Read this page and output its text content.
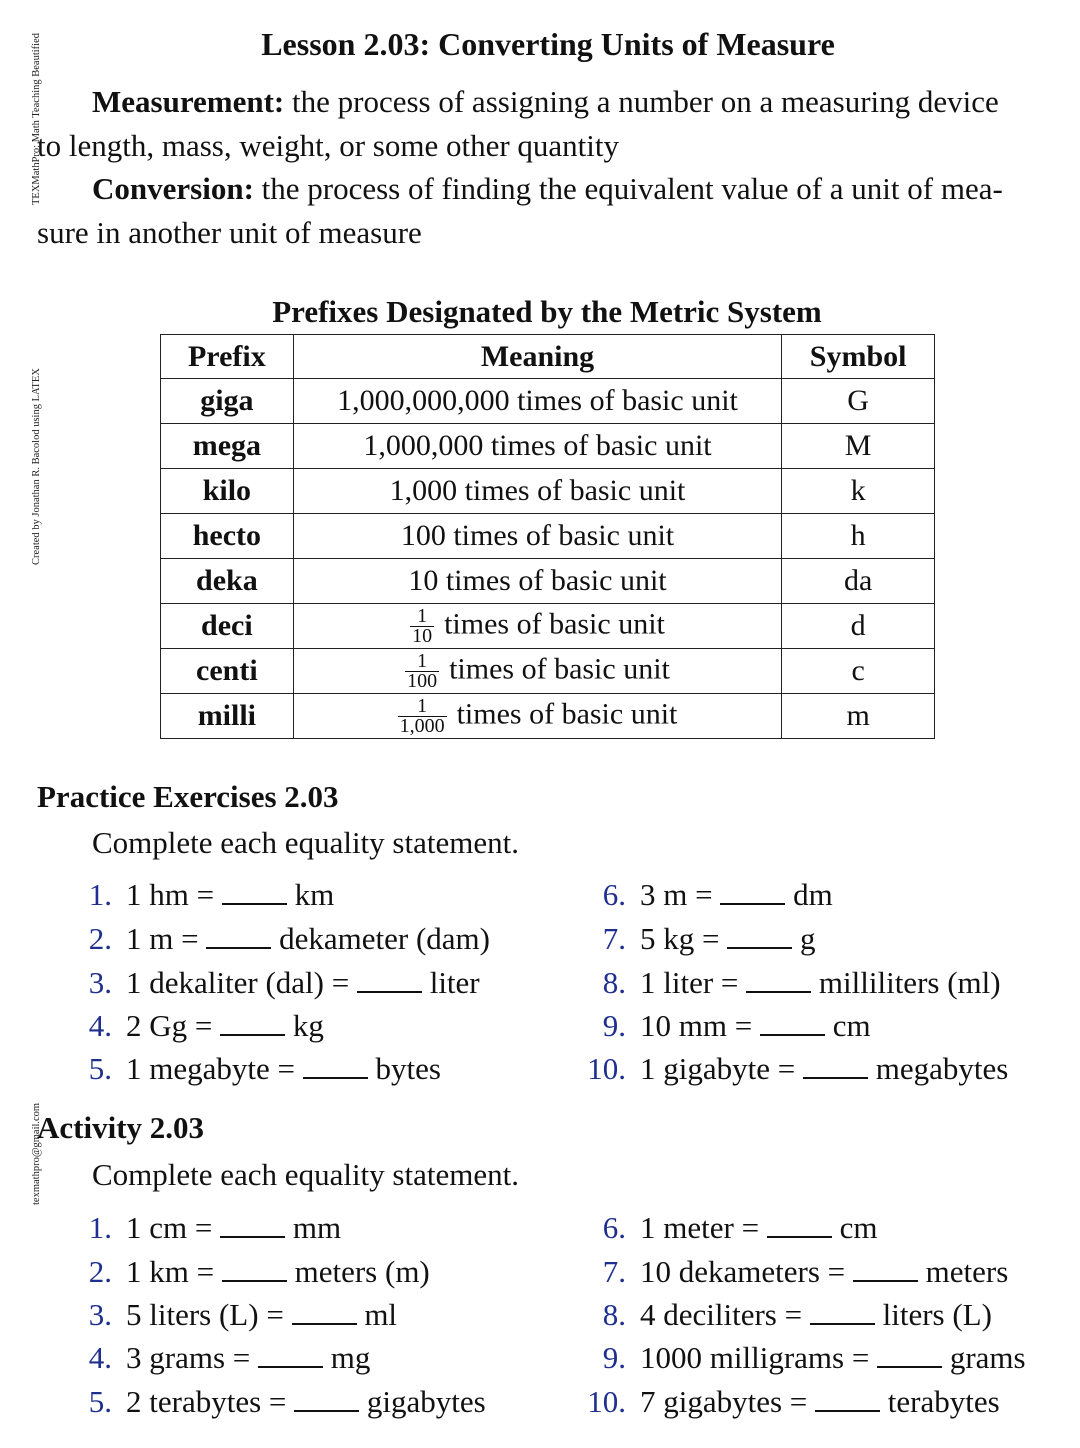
TEXMathPro: Math Teaching Beautified
Created by Jonathan R. Bacolod using LATEX
texmathpro@gmail.com
Lesson 2.03: Converting Units of Measure
Measurement: the process of assigning a number on a measuring device
to length, mass, weight, or some other quantity
Conversion: the process of finding the equivalent value of a unit of mea-
sure in another unit of measure
Prefixes Designated by the Metric System
Prefix	Meaning	Symbol
giga	1,000,000,000 times of basic unit	G
mega	1,000,000 times of basic unit	M
kilo	1,000 times of basic unit	k
hecto	100 times of basic unit	h
deka	10 times of basic unit	da
deci	$\frac{1}{10}$ times of basic unit	d
centi	$\frac{1}{100}$ times of basic unit	c
milli	$\frac{1}{1,000}$ times of basic unit	m
Practice Exercises 2.03
Complete each equality statement.
1. 1 hm =	km
2. 1 m =	dekameter (dam)
3. 1 dekaliter (dal) =	liter
4. 2 Gg =	kg
5. 1 megabyte =	bytes
6. 3 m =	dm
7. 5 kg =	g
8. 1 liter =	milliliters (ml)
9. 10 mm =	cm
10. 1 gigabyte =	megabytes
Activity 2.03
Complete each equality statement.
1. 1 cm =	mm
2. 1 km =	meters (m)
3. 5 liters (L) =	ml
4. 3 grams =	mg
5. 2 terabytes =	gigabytes
6. 1 meter =	cm
7. 10 dekameters =	meters
8. 4 deciliters =	liters (L)
9. 1000 milligrams =	grams
10. 7 gigabytes =	terabytes
